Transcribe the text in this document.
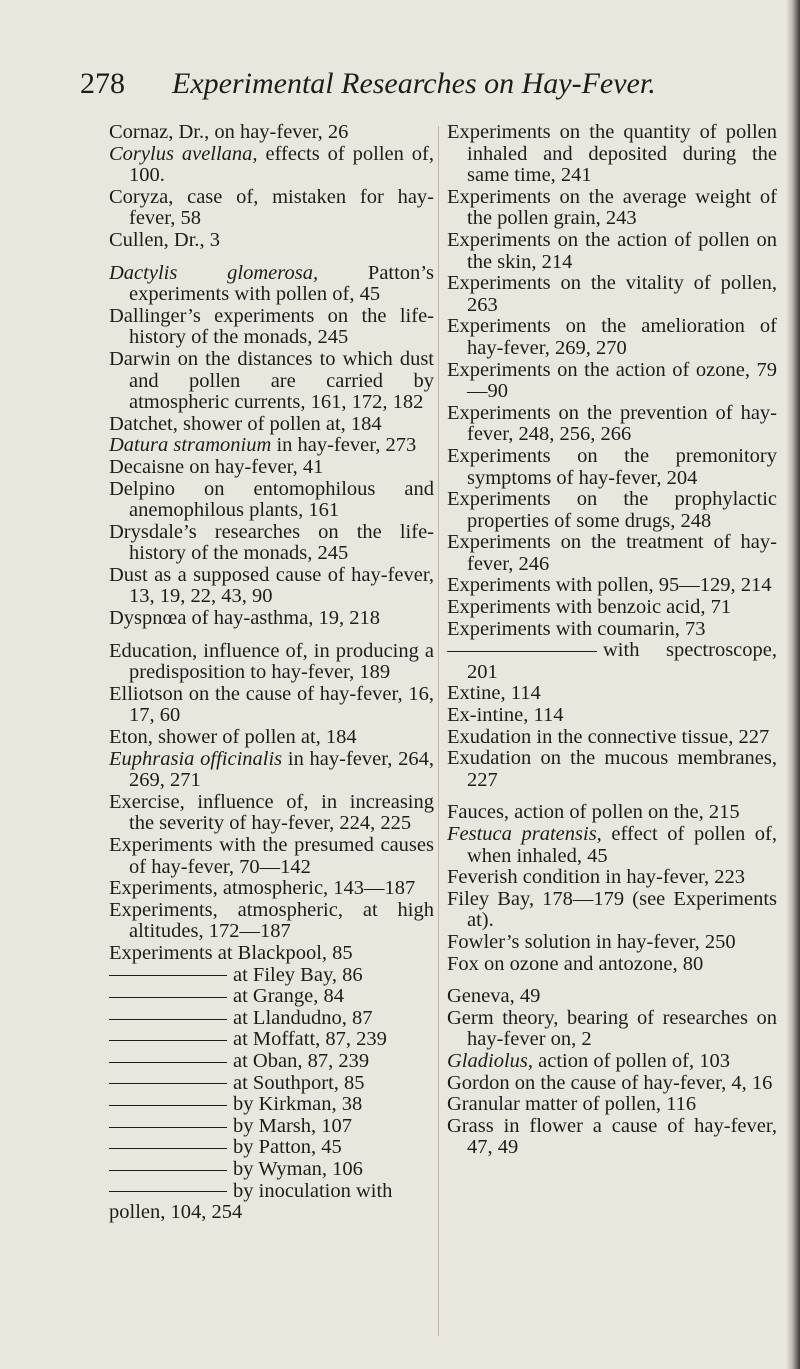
278 Experimental Researches on Hay-Fever.

Cornaz, Dr., on hay-fever, 26

Corylus avellana, effects of pollen of, 100.

Coryza, case of, mistaken for hay-fever, 58

Cullen, Dr., 3

Dactylis glomerosa, Patton’s experiments with pollen of, 45

Dallinger’s experiments on the life-history of the monads, 245

Darwin on the distances to which dust and pollen are carried by atmospheric currents, 161, 172, 182

Datchet, shower of pollen at, 184

Datura stramonium in hay-fever, 273

Decaisne on hay-fever, 41

Delpino on entomophilous and anemophilous plants, 161

Drysdale’s researches on the life-history of the monads, 245

Dust as a supposed cause of hay-fever, 13, 19, 22, 43, 90

Dyspnœa of hay-asthma, 19, 218

Education, influence of, in producing a predisposition to hay-fever, 189

Elliotson on the cause of hay-fever, 16, 17, 60

Eton, shower of pollen at, 184

Euphrasia officinalis in hay-fever, 264, 269, 271

Exercise, influence of, in increasing the severity of hay-fever, 224, 225

Experiments with the presumed causes of hay-fever, 70—142

Experiments, atmospheric, 143—187

Experiments, atmospheric, at high altitudes, 172—187

Experiments at Blackpool, 85

at Filey Bay, 86

at Grange, 84

at Llandudno, 87

at Moffatt, 87, 239

at Oban, 87, 239

at Southport, 85

by Kirkman, 38

by Marsh, 107

by Patton, 45

by Wyman, 106

by inoculation with

pollen, 104, 254

Experiments on the quantity of pollen inhaled and deposited during the same time, 241

Experiments on the average weight of the pollen grain, 243

Experiments on the action of pollen on the skin, 214

Experiments on the vitality of pollen, 263

Experiments on the amelioration of hay-fever, 269, 270

Experiments on the action of ozone, 79—90

Experiments on the prevention of hay-fever, 248, 256, 266

Experiments on the premonitory symptoms of hay-fever, 204

Experiments on the prophylactic properties of some drugs, 248

Experiments on the treatment of hay-fever, 246

Experiments with pollen, 95—129, 214

Experiments with benzoic acid, 71

Experiments with coumarin, 73

with spectroscope, 201

Extine, 114

Ex-intine, 114

Exudation in the connective tissue, 227

Exudation on the mucous membranes, 227

Fauces, action of pollen on the, 215

Festuca pratensis, effect of pollen of, when inhaled, 45

Feverish condition in hay-fever, 223

Filey Bay, 178—179 (see Experiments at).

Fowler’s solution in hay-fever, 250

Fox on ozone and antozone, 80

Geneva, 49

Germ theory, bearing of researches on hay-fever on, 2

Gladiolus, action of pollen of, 103

Gordon on the cause of hay-fever, 4, 16

Granular matter of pollen, 116

Grass in flower a cause of hay-fever, 47, 49
